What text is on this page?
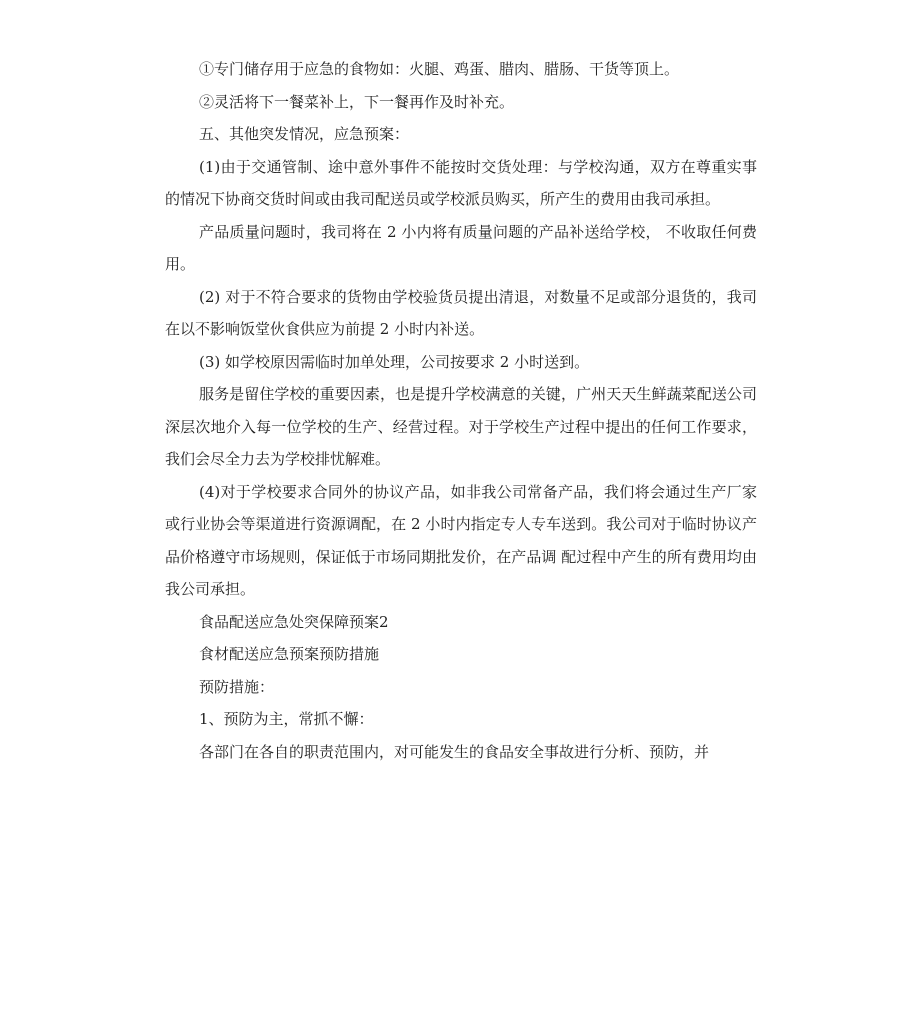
①专门储存用于应急的食物如：火腿、鸡蛋、腊肉、腊肠、干货等顶上。

②灵活将下一餐菜补上，下一餐再作及时补充。

五、其他突发情况，应急预案：

(1)由于交通管制、途中意外事件不能按时交货处理：与学校沟通，双方在尊重实事的情况下协商交货时间或由我司配送员或学校派员购买，所产生的费用由我司承担。

产品质量问题时，我司将在 2 小内将有质量问题的产品补送给学校， 不收取任何费用。

(2) 对于不符合要求的货物由学校验货员提出清退，对数量不足或部分退货的，我司在以不影响饭堂伙食供应为前提 2 小时内补送。

(3) 如学校原因需临时加单处理，公司按要求 2 小时送到。

服务是留住学校的重要因素，也是提升学校满意的关键，广州天天生鲜蔬菜配送公司深层次地介入每一位学校的生产、经营过程。对于学校生产过程中提出的任何工作要求，我们会尽全力去为学校排忧解难。

(4)对于学校要求合同外的协议产品，如非我公司常备产品，我们将会通过生产厂家或行业协会等渠道进行资源调配，在 2 小时内指定专人专车送到。我公司对于临时协议产品价格遵守市场规则，保证低于市场同期批发价，在产品调 配过程中产生的所有费用均由我公司承担。

食品配送应急处突保障预案2

食材配送应急预案预防措施

预防措施：

1、预防为主，常抓不懈：

各部门在各自的职责范围内，对可能发生的食品安全事故进行分析、预防，并
